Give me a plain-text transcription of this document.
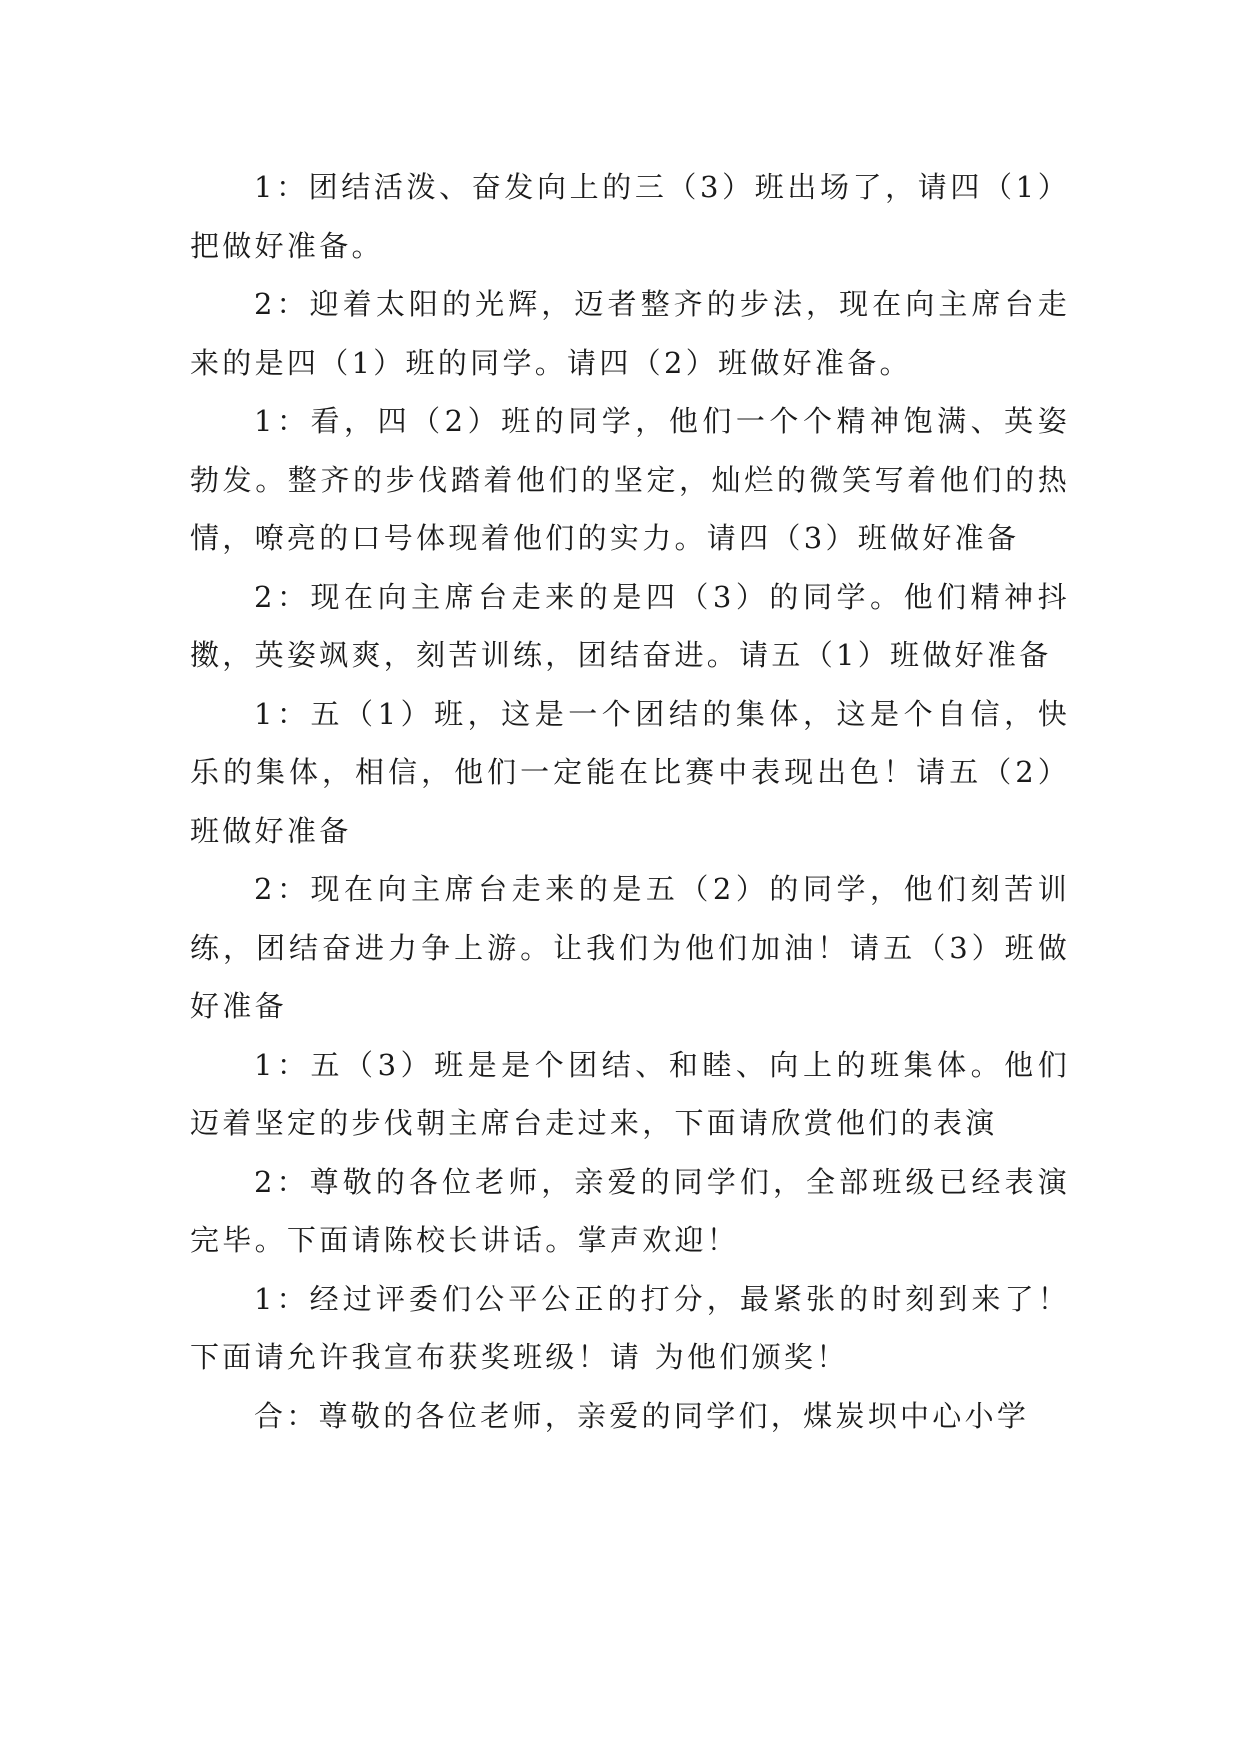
1：团结活泼、奋发向上的三（3）班出场了，请四（1）把做好准备。

2：迎着太阳的光辉，迈者整齐的步法，现在向主席台走来的是四（1）班的同学。请四（2）班做好准备。

1：看，四（2）班的同学，他们一个个精神饱满、英姿勃发。整齐的步伐踏着他们的坚定，灿烂的微笑写着他们的热情，嘹亮的口号体现着他们的实力。请四（3）班做好准备

2：现在向主席台走来的是四（3）的同学。他们精神抖擞，英姿飒爽，刻苦训练，团结奋进。请五（1）班做好准备

1：五（1）班，这是一个团结的集体，这是个自信，快乐的集体，相信，他们一定能在比赛中表现出色！请五（2）班做好准备

2：现在向主席台走来的是五（2）的同学，他们刻苦训练，团结奋进力争上游。让我们为他们加油！请五（3）班做好准备

1：五（3）班是是个团结、和睦、向上的班集体。他们迈着坚定的步伐朝主席台走过来，下面请欣赏他们的表演

2：尊敬的各位老师，亲爱的同学们，全部班级已经表演完毕。下面请陈校长讲话。掌声欢迎！

1：经过评委们公平公正的打分，最紧张的时刻到来了！下面请允许我宣布获奖班级！请 为他们颁奖！

合：尊敬的各位老师，亲爱的同学们，煤炭坝中心小学
